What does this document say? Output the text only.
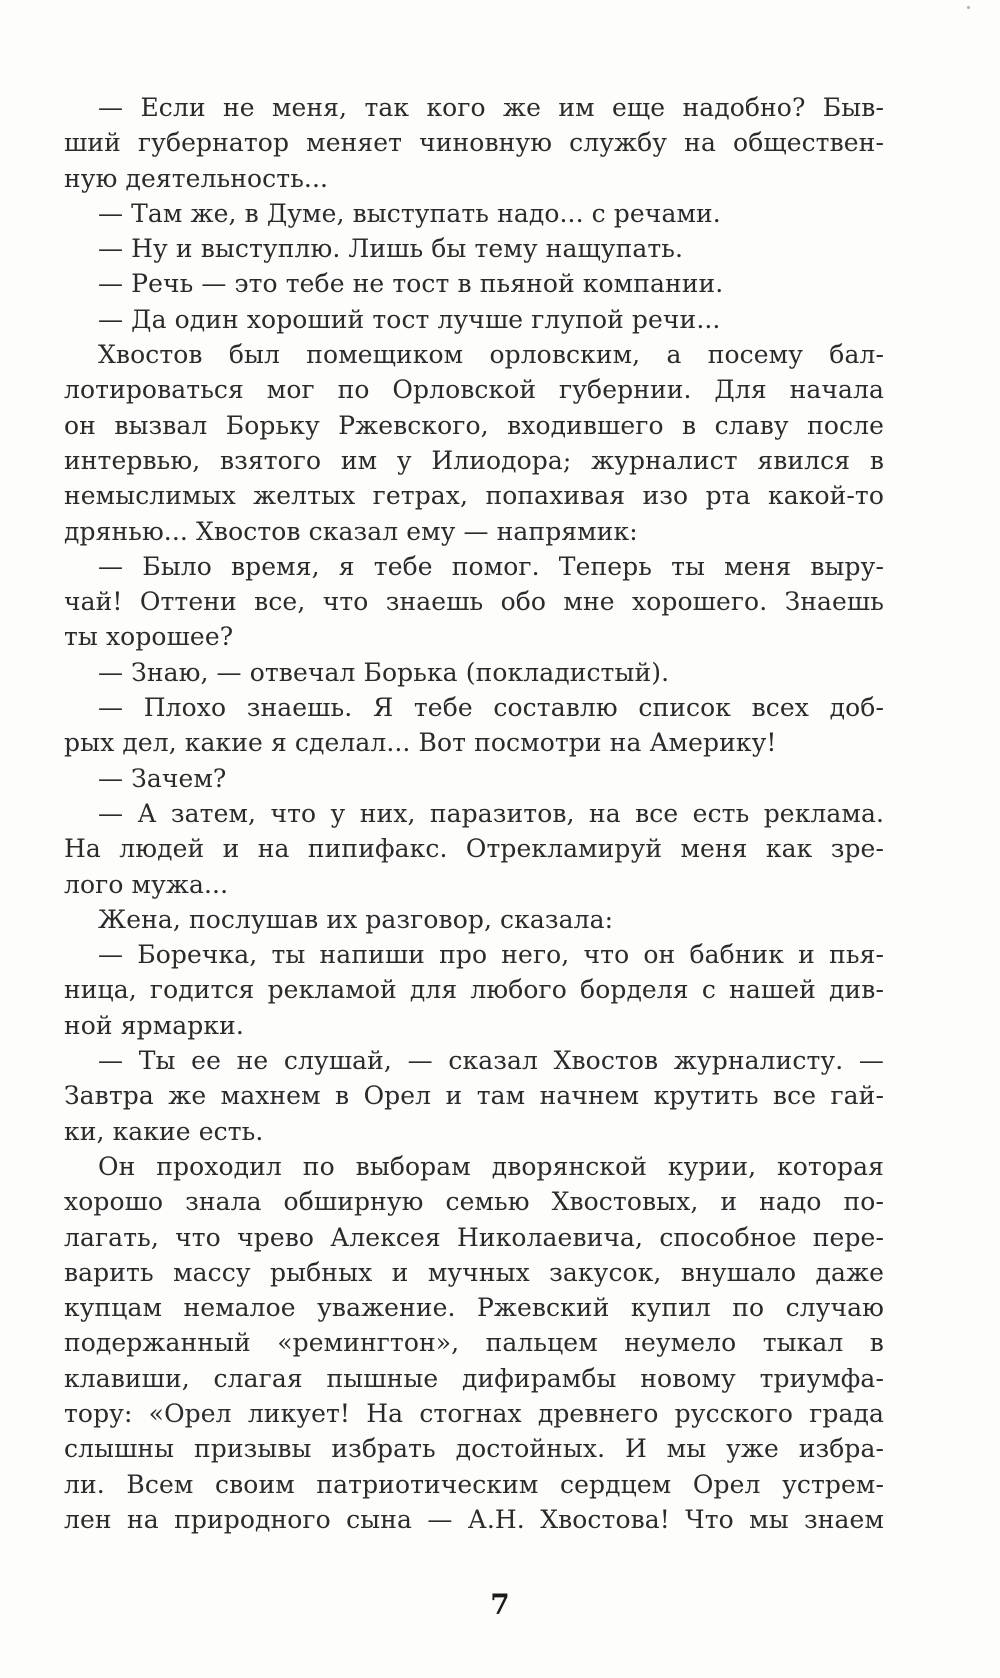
— Если не меня, так кого же им еще надобно? Быв-
ший губернатор меняет чиновную службу на обществен-
ную деятельность...
— Там же, в Думе, выступать надо... с речами.
— Ну и выступлю. Лишь бы тему нащупать.
— Речь — это тебе не тост в пьяной компании.
— Да один хороший тост лучше глупой речи...
Хвостов был помещиком орловским, а посему бал-
лотироваться мог по Орловской губернии. Для начала
он вызвал Борьку Ржевского, входившего в славу после
интервью, взятого им у Илиодора; журналист явился в
немыслимых желтых гетрах, попахивая изо рта какой-то
дрянью... Хвостов сказал ему — напрямик:
— Было время, я тебе помог. Теперь ты меня выру-
чай! Оттени все, что знаешь обо мне хорошего. Знаешь
ты хорошее?
— Знаю, — отвечал Борька (покладистый).
— Плохо знаешь. Я тебе составлю список всех доб-
рых дел, какие я сделал... Вот посмотри на Америку!
— Зачем?
— А затем, что у них, паразитов, на все есть реклама.
На людей и на пипифакс. Отрекламируй меня как зре-
лого мужа...
Жена, послушав их разговор, сказала:
— Боречка, ты напиши про него, что он бабник и пья-
ница, годится рекламой для любого борделя с нашей див-
ной ярмарки.
— Ты ее не слушай, — сказал Хвостов журналисту. —
Завтра же махнем в Орел и там начнем крутить все гай-
ки, какие есть.
Он проходил по выборам дворянской курии, которая
хорошо знала обширную семью Хвостовых, и надо по-
лагать, что чрево Алексея Николаевича, способное пере-
варить массу рыбных и мучных закусок, внушало даже
купцам немалое уважение. Ржевский купил по случаю
подержанный «ремингтон», пальцем неумело тыкал в
клавиши, слагая пышные дифирамбы новому триумфа-
тору: «Орел ликует! На стогнах древнего русского града
слышны призывы избрать достойных. И мы уже избра-
ли. Всем своим патриотическим сердцем Орел устрем-
лен на природного сына — А.Н. Хвостова! Что мы знаем
7
